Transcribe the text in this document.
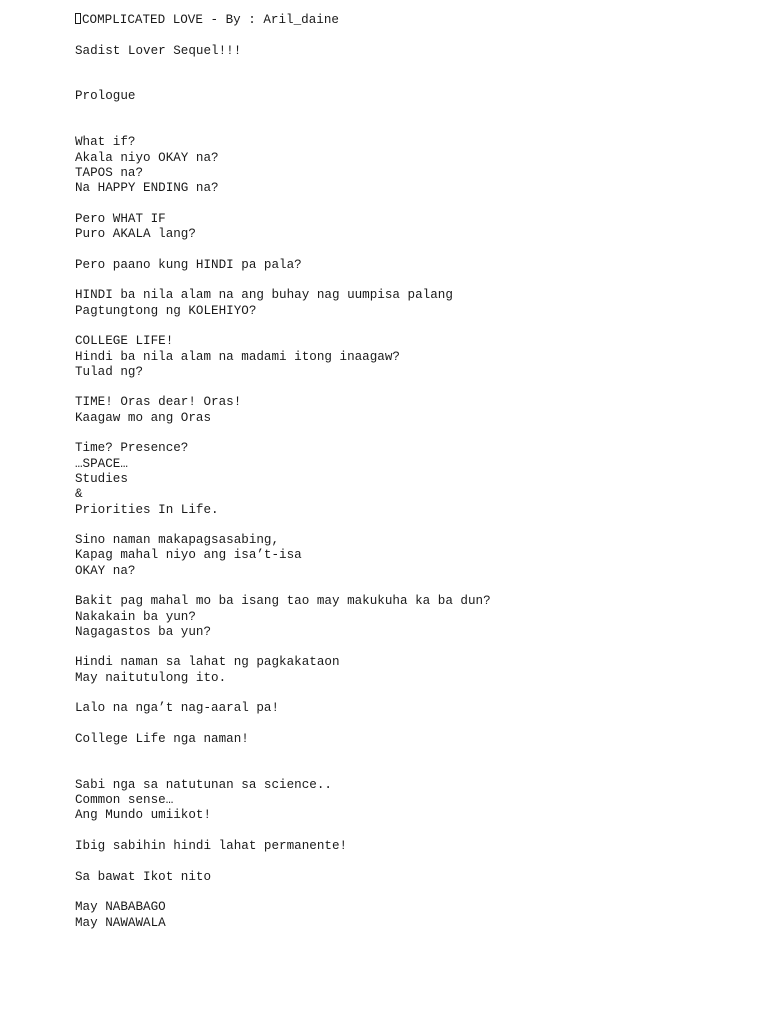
COMPLICATED LOVE - By : Aril_daine
Sadist Lover Sequel!!!
Prologue
What if?
Akala niyo OKAY na?
TAPOS na?
Na HAPPY ENDING na?
Pero WHAT IF
Puro AKALA lang?
Pero paano kung HINDI pa pala?
HINDI ba nila alam na ang buhay nag uumpisa palang
Pagtungtong ng KOLEHIYO?
COLLEGE LIFE!
Hindi ba nila alam na madami itong inaagaw?
Tulad ng?
TIME! Oras dear! Oras!
Kaagaw mo ang Oras
Time? Presence?
…SPACE…
Studies
&
Priorities In Life.
Sino naman makapagsasabing,
Kapag mahal niyo ang isa’t-isa
OKAY na?
Bakit pag mahal mo ba isang tao may makukuha ka ba dun?
Nakakain ba yun?
Nagagastos ba yun?
Hindi naman sa lahat ng pagkakataon
May naitutulong ito.
Lalo na nga’t nag-aaral pa!
College Life nga naman!
Sabi nga sa natutunan sa science..
Common sense…
Ang Mundo umiikot!
Ibig sabihin hindi lahat permanente!
Sa bawat Ikot nito
May NABABAGO
May NAWAWALA
